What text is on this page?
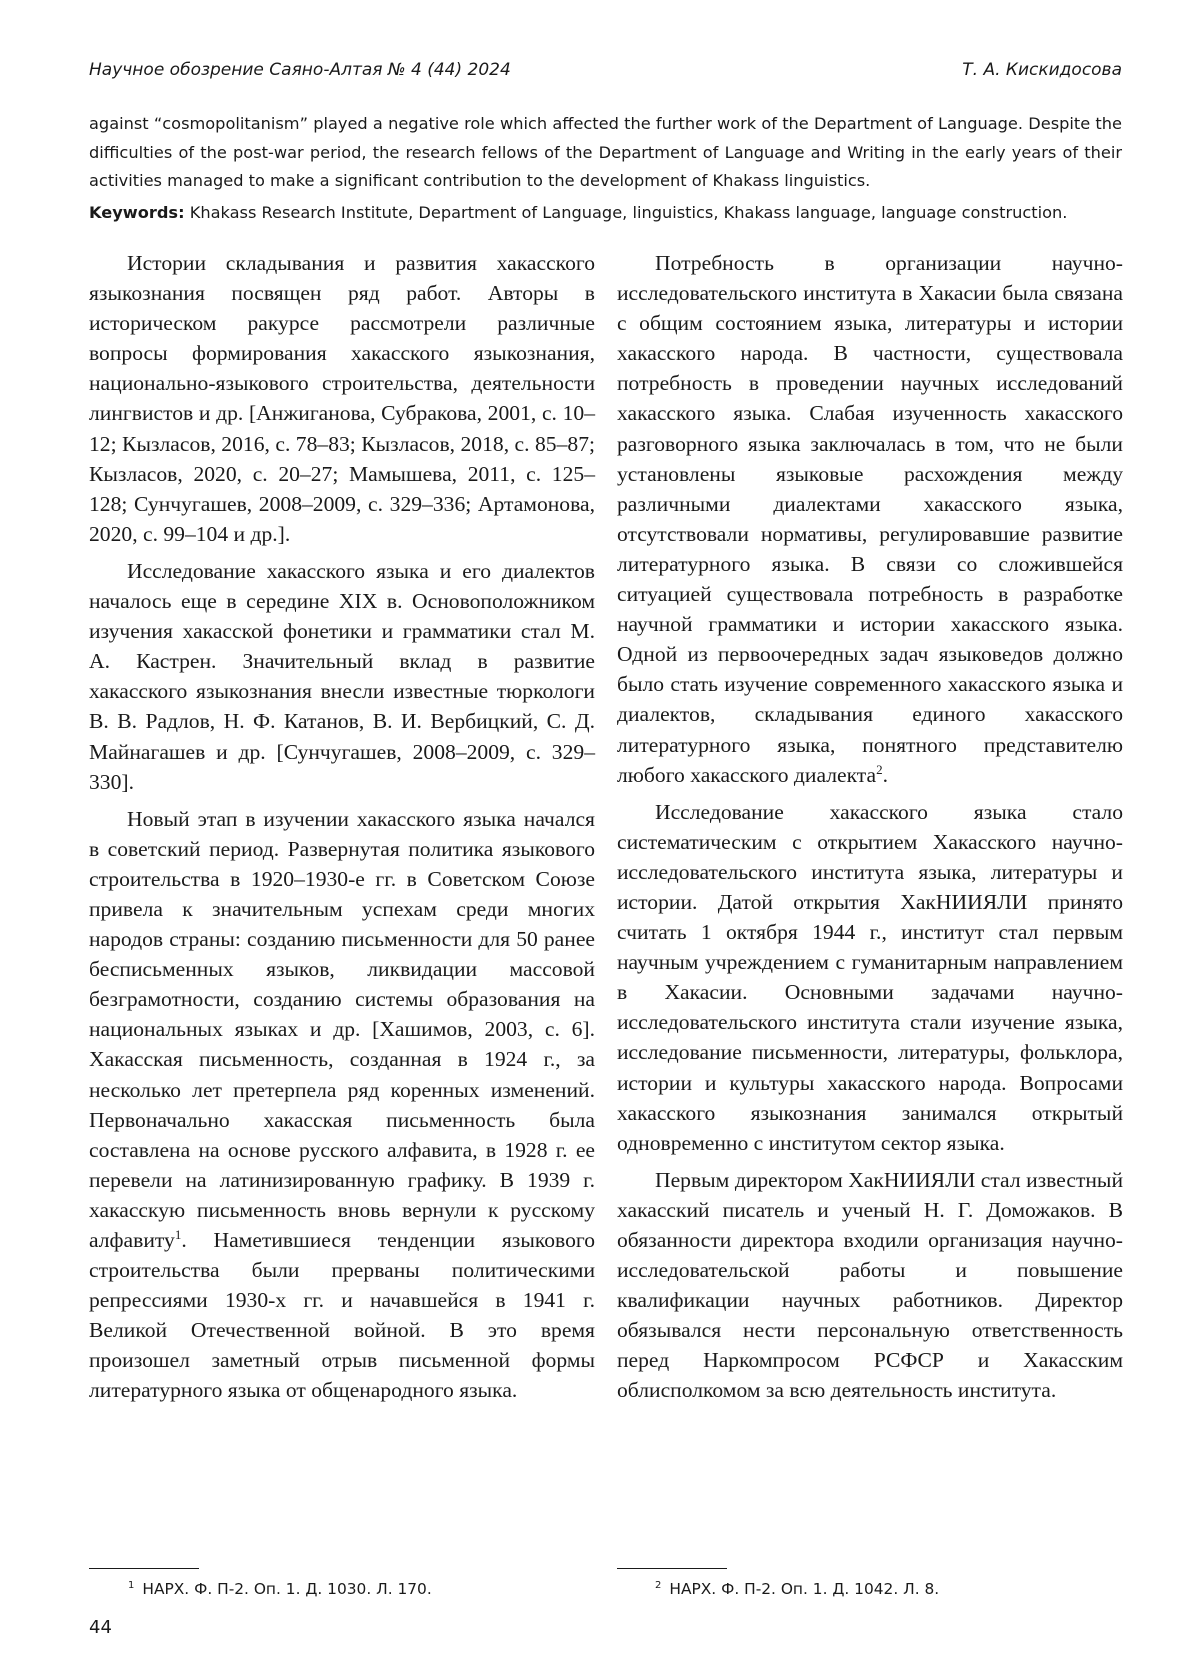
Научное обозрение Саяно-Алтая № 4 (44) 2024	Т. А. Кискидосова

against “cosmopolitanism” played a negative role which affected the further work of the Department of Language. Despite the difficulties of the post-war period, the research fellows of the Department of Language and Writing in the early years of their activities managed to make a significant contribution to the development of Khakass linguistics.

Keywords: Khakass Research Institute, Department of Language, linguistics, Khakass language, language construction.

Истории складывания и развития хакасского языкознания посвящен ряд работ. Авторы в историческом ракурсе рассмотрели различные вопросы формирования хакасского языкознания, национально-языкового строительства, деятельности лингвистов и др. [Анжиганова, Субракова, 2001, с. 10–12; Кызласов, 2016, с. 78–83; Кызласов, 2018, с. 85–87; Кызласов, 2020, с. 20–27; Мамышева, 2011, с. 125–128; Сунчугашев, 2008–2009, с. 329–336; Артамонова, 2020, с. 99–104 и др.].

Исследование хакасского языка и его диалектов началось еще в середине XIX в. Основоположником изучения хакасской фонетики и грамматики стал М. А. Кастрен. Значительный вклад в развитие хакасского языкознания внесли известные тюркологи В. В. Радлов, Н. Ф. Катанов, В. И. Вербицкий, С. Д. Майнагашев и др. [Сунчугашев, 2008–2009, с. 329–330].

Новый этап в изучении хакасского языка начался в советский период. Развернутая политика языкового строительства в 1920–1930-е гг. в Советском Союзе привела к значительным успехам среди многих народов страны: созданию письменности для 50 ранее бесписьменных языков, ликвидации массовой безграмотности, созданию системы образования на национальных языках и др. [Хашимов, 2003, с. 6]. Хакасская письменность, созданная в 1924 г., за несколько лет претерпела ряд коренных изменений. Первоначально хакасская письменность была составлена на основе русского алфавита, в 1928 г. ее перевели на латинизированную графику. В 1939 г. хакасскую письменность вновь вернули к русскому алфавиту$^1$. Наметившиеся тенденции языкового строительства были прерваны политическими репрессиями 1930-х гг. и начавшейся в 1941 г. Великой Отечественной войной. В это время произошел заметный отрыв письменной формы литературного языка от общенародного языка.

Потребность в организации научно-исследовательского института в Хакасии была связана с общим состоянием языка, литературы и истории хакасского народа. В частности, существовала потребность в проведении научных исследований хакасского языка. Слабая изученность хакасского разговорного языка заключалась в том, что не были установлены языковые расхождения между различными диалектами хакасского языка, отсутствовали нормативы, регулировавшие развитие литературного языка. В связи со сложившейся ситуацией существовала потребность в разработке научной грамматики и истории хакасского языка. Одной из первоочередных задач языковедов должно было стать изучение современного хакасского языка и диалектов, складывания единого хакасского литературного языка, понятного представителю любого хакасского диалекта$^2$.

Исследование хакасского языка стало систематическим с открытием Хакасского научно-исследовательского института языка, литературы и истории. Датой открытия ХакНИИЯЛИ принято считать 1 октября 1944 г., институт стал первым научным учреждением с гуманитарным направлением в Хакасии. Основными задачами научно-исследовательского института стали изучение языка, исследование письменности, литературы, фольклора, истории и культуры хакасского народа. Вопросами хакасского языкознания занимался открытый одновременно с институтом сектор языка.

Первым директором ХакНИИЯЛИ стал известный хакасский писатель и ученый Н. Г. Доможаков. В обязанности директора входили организация научно-исследовательской работы и повышение квалификации научных работников. Директор обязывался нести персональную ответственность перед Наркомпросом РСФСР и Хакасским облисполкомом за всю деятельность института.

$^1$ НАРХ. Ф. П-2. Оп. 1. Д. 1030. Л. 170.	$^2$ НАРХ. Ф. П-2. Оп. 1. Д. 1042. Л. 8.
44
